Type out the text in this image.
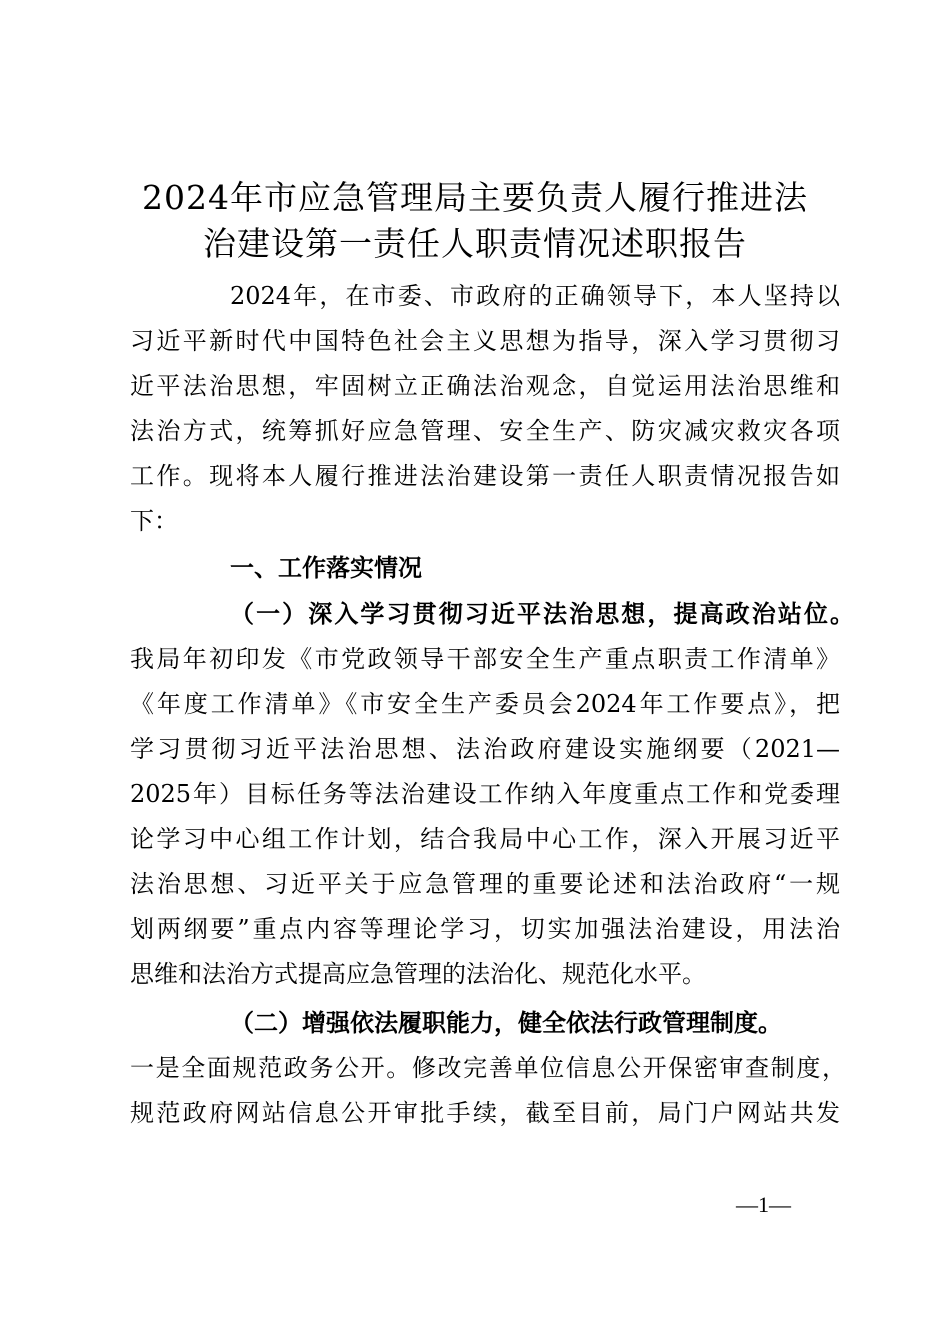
2024年市应急管理局主要负责人履行推进法
治建设第一责任人职责情况述职报告
2024年，在市委、市政府的正确领导下，本人坚持以
习近平新时代中国特色社会主义思想为指导，深入学习贯彻习
近平法治思想，牢固树立正确法治观念，自觉运用法治思维和
法治方式，统筹抓好应急管理、安全生产、防灾减灾救灾各项
工作。现将本人履行推进法治建设第一责任人职责情况报告如
下：
一、工作落实情况
（一）深入学习贯彻习近平法治思想，提高政治站位。
我局年初印发《市党政领导干部安全生产重点职责工作清单》
《年度工作清单》《市安全生产委员会2024年工作要点》，把
学习贯彻习近平法治思想、法治政府建设实施纲要（2021—
2025年）目标任务等法治建设工作纳入年度重点工作和党委理
论学习中心组工作计划，结合我局中心工作，深入开展习近平
法治思想、习近平关于应急管理的重要论述和法治政府“一规
划两纲要”重点内容等理论学习，切实加强法治建设，用法治
思维和法治方式提高应急管理的法治化、规范化水平。
（二）增强依法履职能力，健全依法行政管理制度。
一是全面规范政务公开。修改完善单位信息公开保密审查制度，
规范政府网站信息公开审批手续，截至目前，局门户网站共发
—1—
